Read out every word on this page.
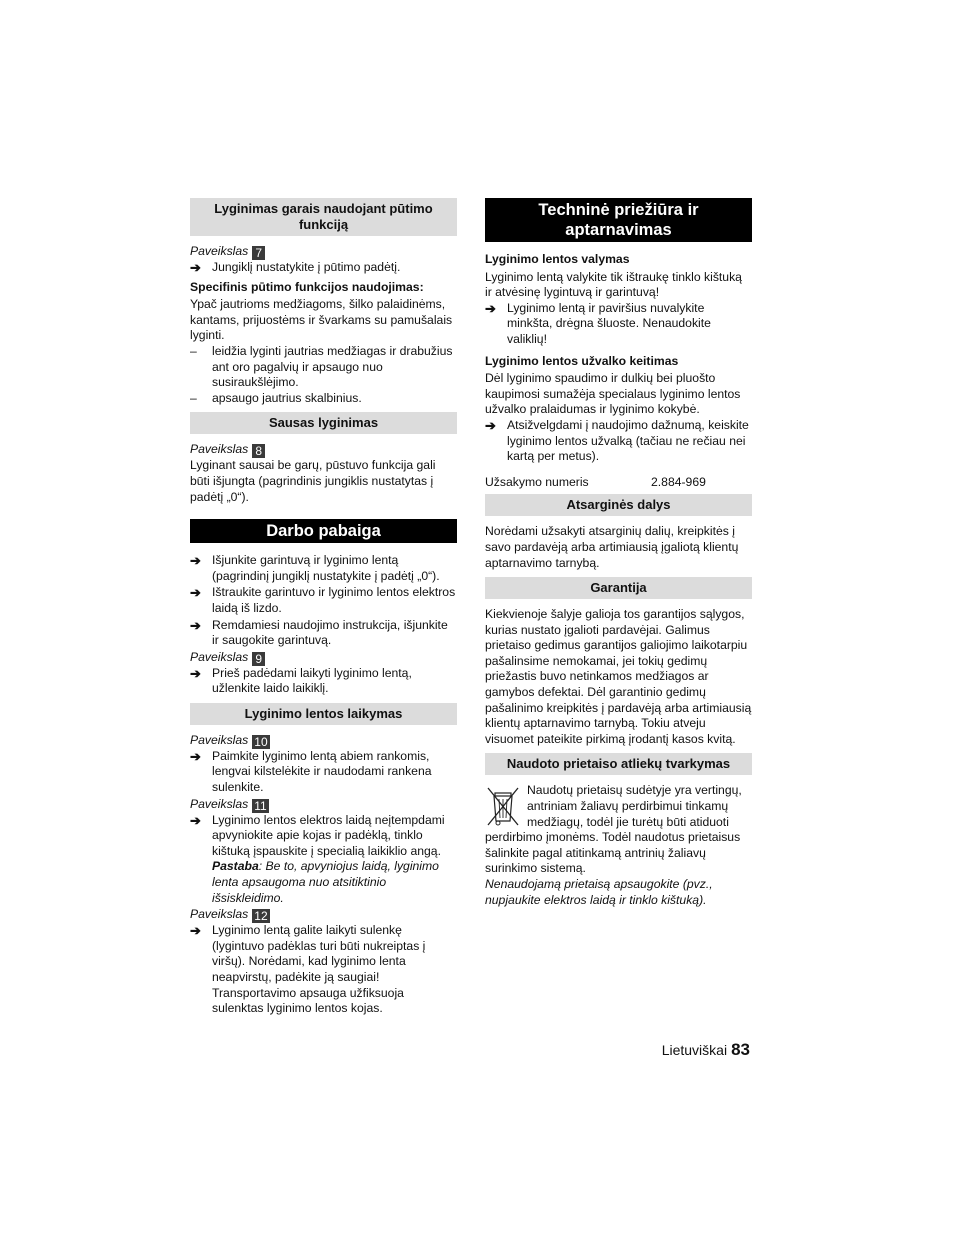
Lyginimas garais naudojant pūtimo funkciją

Paveikslas 7

➔ Jungiklį nustatykite į pūtimo padėtį.

Specifinis pūtimo funkcijos naudojimas:

Ypač jautrioms medžiagoms, šilko palaidinėms, kantams, prijuostėms ir švarkams su pamušalais lyginti.

–	leidžia lyginti jautrias medžiagas ir drabužius ant oro pagalvių ir apsaugo nuo susiraukšlėjimo.
–	apsaugo jautrius skalbinius.
Sausas lyginimas

Paveikslas 8

Lyginant sausai be garų, pūstuvo funkcija gali būti išjungta (pagrindinis jungiklis nustatytas į padėtį „0“).

Darbo pabaiga
➔ Išjunkite garintuvą ir lyginimo lentą (pagrindinį jungiklį nustatykite į padėtį „0“).
➔ Ištraukite garintuvo ir lyginimo lentos elektros laidą iš lizdo.
➔ Remdamiesi naudojimo instrukcija, išjunkite ir saugokite garintuvą.

Paveikslas 9

➔ Prieš padėdami laikyti lyginimo lentą, užlenkite laido laikiklį.
Lyginimo lentos laikymas

Paveikslas 10

➔ Paimkite lyginimo lentą abiem rankomis, lengvai kilstelėkite ir naudodami rankena sulenkite.

Paveikslas 11

➔ Lyginimo lentos elektros laidą neįtempdami apvyniokite apie kojas ir padėklą, tinklo kištuką įspauskite į specialią laikiklio angą.
Pastaba: Be to, apvyniojus laidą, lyginimo lenta apsaugoma nuo atsitiktinio išsiskleidimo.

Paveikslas 12

➔ Lyginimo lentą galite laikyti sulenkę (lygintuvo padėklas turi būti nukreiptas į viršų). Norėdami, kad lyginimo lenta neapvirstų, padėkite ją saugiai! Transportavimo apsauga užfiksuoja sulenktas lyginimo lentos kojas.
Techninė priežiūra ir aptarnavimas

Lyginimo lentos valymas

Lyginimo lentą valykite tik ištraukę tinklo kištuką ir atvėsinę lygintuvą ir garintuvą!

➔ Lyginimo lentą ir paviršius nuvalykite minkšta, drėgna šluoste. Nenaudokite valiklių!

Lyginimo lentos užvalko keitimas

Dėl lyginimo spaudimo ir dulkių bei pluošto kaupimosi sumažėja specialaus lyginimo lentos užvalko pralaidumas ir lyginimo kokybė.

➔ Atsižvelgdami į naudojimo dažnumą, keiskite lyginimo lentos užvalką (tačiau ne rečiau nei kartą per metus).
Užsakymo numeris	2.884-969
Atsarginės dalys

Norėdami užsakyti atsarginių dalių, kreipkitės į savo pardavėją arba artimiausią įgaliotą klientų aptarnavimo tarnybą.

Garantija

Kiekvienoje šalyje galioja tos garantijos sąlygos, kurias nustato įgalioti pardavėjai. Galimus prietaiso gedimus garantijos galiojimo laikotarpiu pašalinsime nemokamai, jei tokių gedimų priežastis buvo netinkamos medžiagos ar gamybos defektai. Dėl garantinio gedimų pašalinimo kreipkitės į pardavėją arba artimiausią klientų aptarnavimo tarnybą. Tokiu atveju visuomet pateikite pirkimą įrodantį kasos kvitą.

Naudoto prietaiso atliekų tvarkymas

Naudotų prietaisų sudėtyje yra vertingų, antriniam žaliavų perdirbimui tinkamų medžiagų, todėl jie turėtų būti atiduoti perdirbimo įmonėms. Todėl naudotus prietaisus šalinkite pagal atitinkamą antrinių žaliavų surinkimo sistemą.

Nenaudojamą prietaisą apsaugokite (pvz., nupjaukite elektros laidą ir tinklo kištuką).

Lietuviškai 83
